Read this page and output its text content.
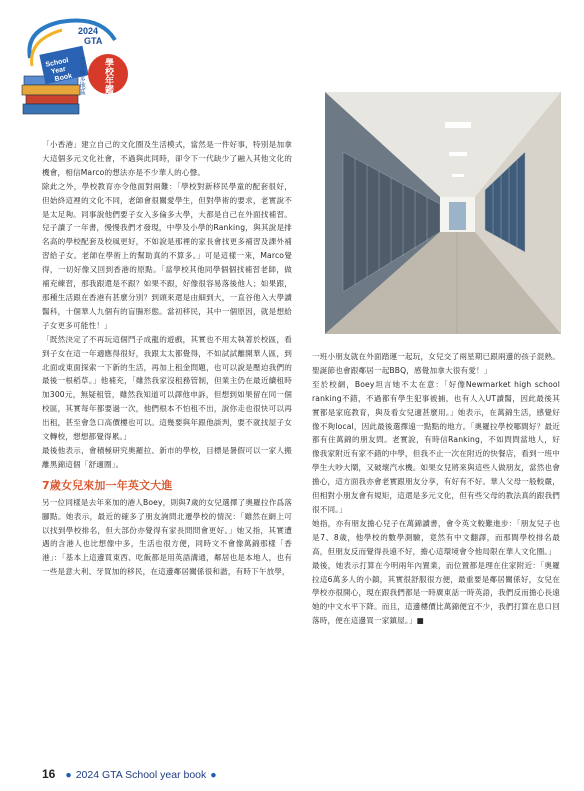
School
Year
Book
2024
GTA
大多倫多地區 學校年鑑

「小香港」建立自己的文化圈及生活模式，當然是一件好事，特別是加拿大這個多元文化社會，不過與此同時，卻令下一代缺少了融入其他文化的機會，相信Marco的想法亦是不少華人的心聲。

除此之外，學校教育亦令他面對兩難：「學校對新移民學童的配套很好，但始終這裡的文化不同，老師會很關愛學生，但對學術的要求，老實說不是太足夠。同事說他們要子女入多倫多大學，大都是自己在外面找補習。兒子讀了一年書，慢慢我們才發現，中學及小學的Ranking，與其說是排名高的學校配套及校風更好，不如說是那裡的家長會找更多補習及課外補習給子女。老師在學術上的幫助真的不算多。」可是這樣一來，Marco覺得，一切好像又回到香港的原點。「當學校其他同學個個找補習老師，做補充練習，那我跟還是不跟？如果不跟，好像很容易落後他人；如果跟，那種生活跟在香港有甚麼分別？到頭來還是由細到大，一直谷他入大學讀醫科，十個華人九個有的盲腸形態。當初移民，其中一個原因，就是想給子女更多可能性！」

「既然決定了不再玩這個鬥子成龍的遊戲，其實也不用太執著於校區，看到子女在這一年適應得很好，我跟太太都覺得，不如試試離開華人區，到北面或東面探索一下新的生活，再加上租金問題，也可以說是壓迫我們的最後一根稻草。」他補充，「雖然我家沒租務管制，但業主仍在最近續租時加300元，無疑租管，雖然我知道可以譯他申訴，但想到如果留在同一個校區，其實每年都要過一次，他們根本不怕租不出，說你走也很快可以再出租，甚至會急口高價樓也可以。這幾要與年跟他談判，要不就找屋子女文轉校，想想都覺得累。」

最後他表示，會積極研究奧羅拉、新市的學校，目標是暑假可以一家人搬離黑錦這個「舒適圈」。

7歲女兒來加一年英文大進

另一位同樣是去年來加的港人Boey，則與7歲的女兒選擇了奧羅拉作爲落腳點。她表示，最近的確多了朋友詢問北遷學校的情況：「雖然在網上可以找到學校排名，但大部份亦覺得有家長問問會更好。」她又指，其實遭遇的含港人也比想像中多，生活也很方便，同時文不會像萬錦那樣「香港」：「基本上這邊買東西、吃飯都是用英語溝通，鄰居也是本地人，也有一些是意大利、牙買加的移民，在這邊鄰居關係很和諧，有時下午放學，

一班小朋友就在外面踏運一起玩，女兒交了兩星期已跟兩邊的孩子混熟。聖誕節也會跟鄰居一起BBQ，感覺加拿大很有愛！」

至於校網，Boey坦言她不太在意：「好像Newmarket high school ranking不錯，不過都有學生犯事被捕，也有人入UT讀醫，因此最後其實都是家庭教育，與及看女兒適甚麼用。」她表示，在萬錦生活，感覺好像不夠local，因此最後選擇遠一點點的地方。「奧羅拉學校哪間好？最近都有住萬錦的朋友問。老實說，有時信Ranking，不如問問當地人，好像我家附近有家不錯的中學，但我不止一次在附近的快餐店，看到一班中學生大吵大鬧，又破壞汽水機。如果女兒將來與這些人做朋友，當然也會擔心，這方面我亦會老實跟朋友分享，有好有不好。華人父母一般較嚴，但相對小朋友會有規矩，這還是多元文化，但有些父母的教法真的跟我們很不同。」

她指，亦有朋友擔心兒子在萬錦讀書，會令英文較難進步：「朋友兒子也是7、8歲，他學校的數學測驗，竟然有中文翻譯，而那間學校排名最高，但朋友反而覺得長遠不好，擔心這環境會令他局限在華人文化圈。」

最後，她表示打算在今明兩年內置業，而位置都是理在住家附近：「奧羅拉這6萬多人的小鎮，其實很舒服很方便，最重要是鄰居關係好，女兒在學校亦很開心，現在跟我們都是一時廣東話一時英語，我們反而擔心長遠她的中文水平下降。而且，這邊樓價比萬錦便宜不少，我們打算在息口回落時，便在這邊買一家鎮屋。」■

16 ● 2024 GTA School year book ●
